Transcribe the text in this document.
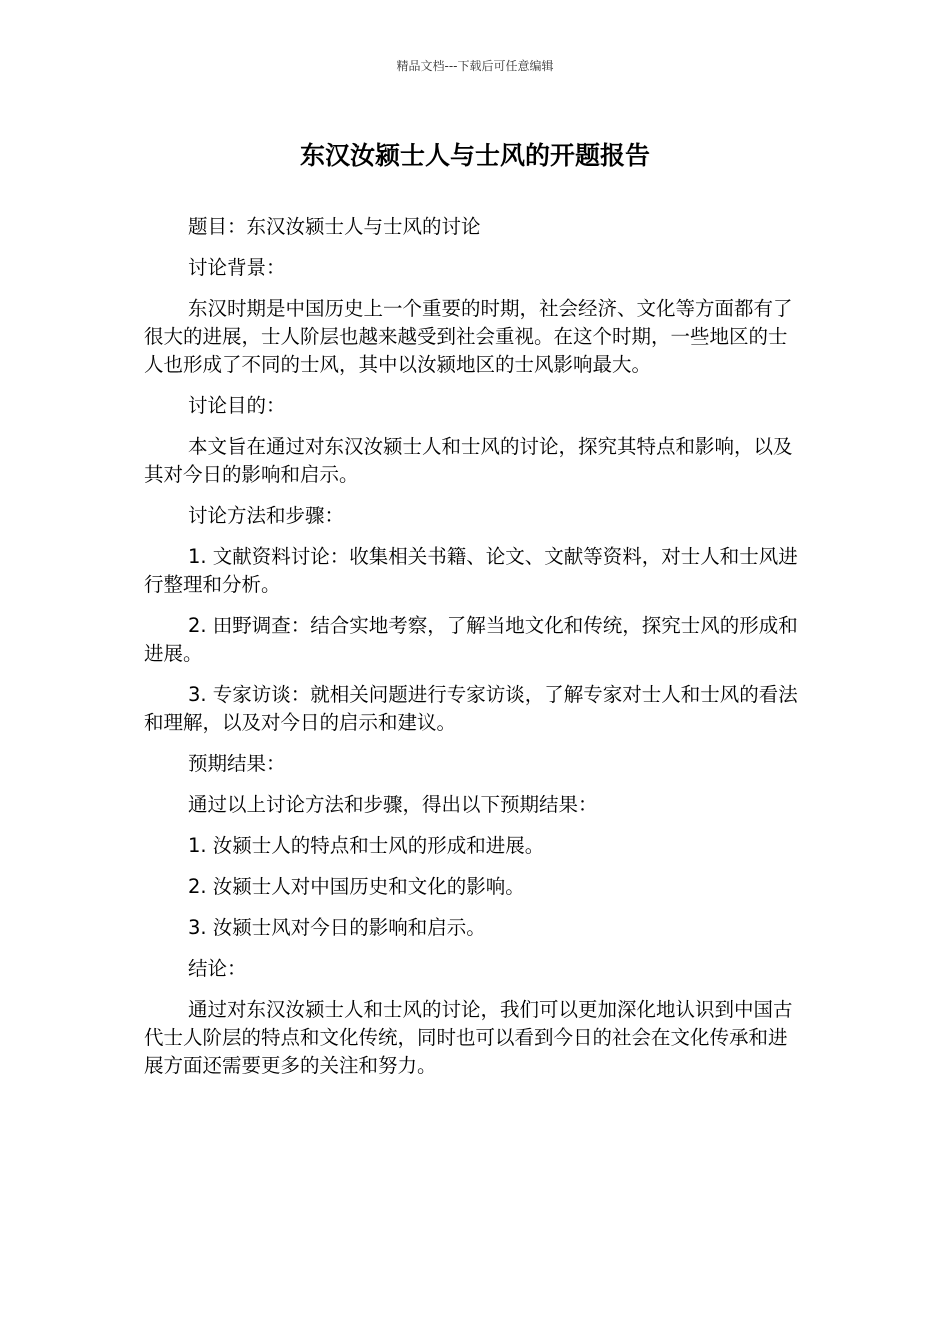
精品文档---下载后可任意编辑
东汉汝颍士人与士风的开题报告

题目：东汉汝颍士人与士风的讨论

讨论背景：

东汉时期是中国历史上一个重要的时期，社会经济、文化等方面都有了很大的进展，士人阶层也越来越受到社会重视。在这个时期，一些地区的士人也形成了不同的士风，其中以汝颍地区的士风影响最大。

讨论目的：

本文旨在通过对东汉汝颍士人和士风的讨论，探究其特点和影响，以及其对今日的影响和启示。

讨论方法和步骤：

1. 文献资料讨论：收集相关书籍、论文、文献等资料，对士人和士风进行整理和分析。

2. 田野调查：结合实地考察，了解当地文化和传统，探究士风的形成和进展。

3. 专家访谈：就相关问题进行专家访谈，了解专家对士人和士风的看法和理解，以及对今日的启示和建议。

预期结果：

通过以上讨论方法和步骤，得出以下预期结果：

1. 汝颍士人的特点和士风的形成和进展。

2. 汝颍士人对中国历史和文化的影响。

3. 汝颍士风对今日的影响和启示。

结论：

通过对东汉汝颍士人和士风的讨论，我们可以更加深化地认识到中国古代士人阶层的特点和文化传统，同时也可以看到今日的社会在文化传承和进展方面还需要更多的关注和努力。
